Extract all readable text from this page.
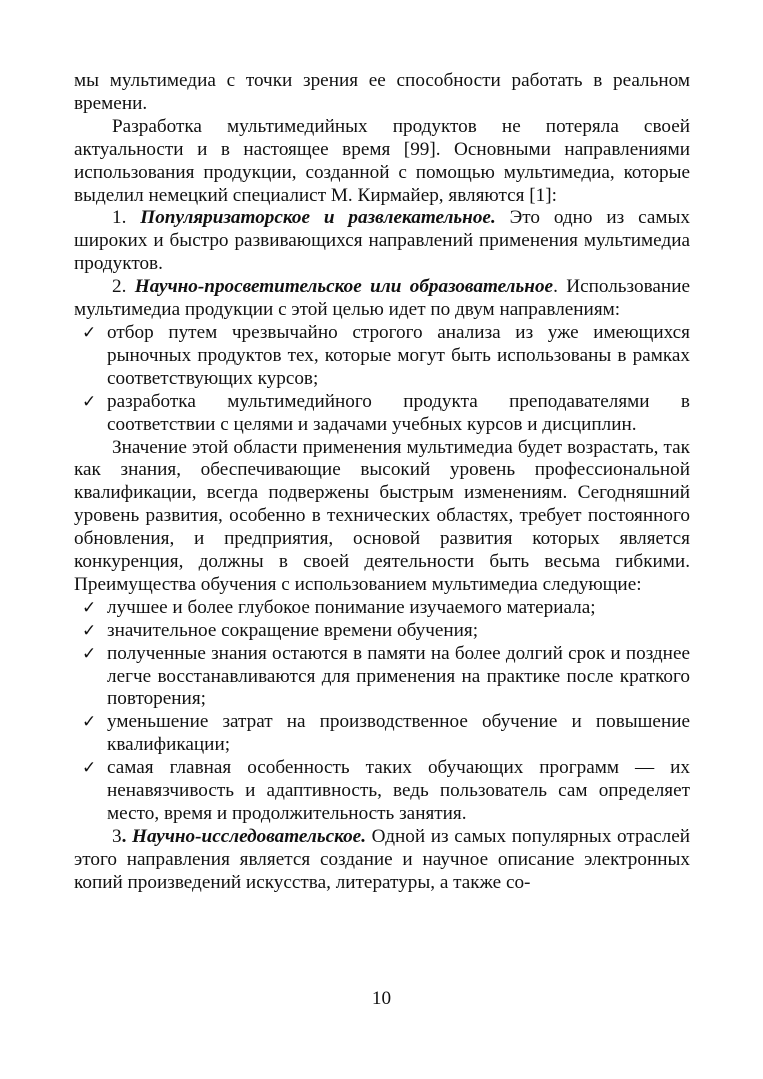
мы мультимедиа с точки зрения ее способности работать в реальном времени.

Разработка мультимедийных продуктов не потеряла своей актуальности и в настоящее время [99]. Основными направлениями использования продукции, созданной с помощью мультимедиа, которые выделил немецкий специалист М. Кирмайер, являются [1]:

1. Популяризаторское и развлекательное. Это одно из самых широких и быстро развивающихся направлений применения мультимедиа продуктов.

2. Научно-просветительское или образовательное. Использование мультимедиа продукции с этой целью идет по двум направлениям:

✓ отбор путем чрезвычайно строгого анализа из уже имеющихся рыночных продуктов тех, которые могут быть использованы в рамках соответствующих курсов;
✓ разработка мультимедийного продукта преподавателями в соответствии с целями и задачами учебных курсов и дисциплин.

Значение этой области применения мультимедиа будет возрастать, так как знания, обеспечивающие высокий уровень профессиональной квалификации, всегда подвержены быстрым изменениям. Сегодняшний уровень развития, особенно в технических областях, требует постоянного обновления, и предприятия, основой развития которых является конкуренция, должны в своей деятельности быть весьма гибкими. Преимущества обучения с использованием мультимедиа следующие:

✓ лучшее и более глубокое понимание изучаемого материала;
✓ значительное сокращение времени обучения;
✓ полученные знания остаются в памяти на более долгий срок и позднее легче восстанавливаются для применения на практике после краткого повторения;
✓ уменьшение затрат на производственное обучение и повышение квалификации;
✓ самая главная особенность таких обучающих программ — их ненавязчивость и адаптивность, ведь пользователь сам определяет место, время и продолжительность занятия.

3. Научно-исследовательское. Одной из самых популярных отраслей этого направления является создание и научное описание электронных копий произведений искусства, литературы, а также со-

10
